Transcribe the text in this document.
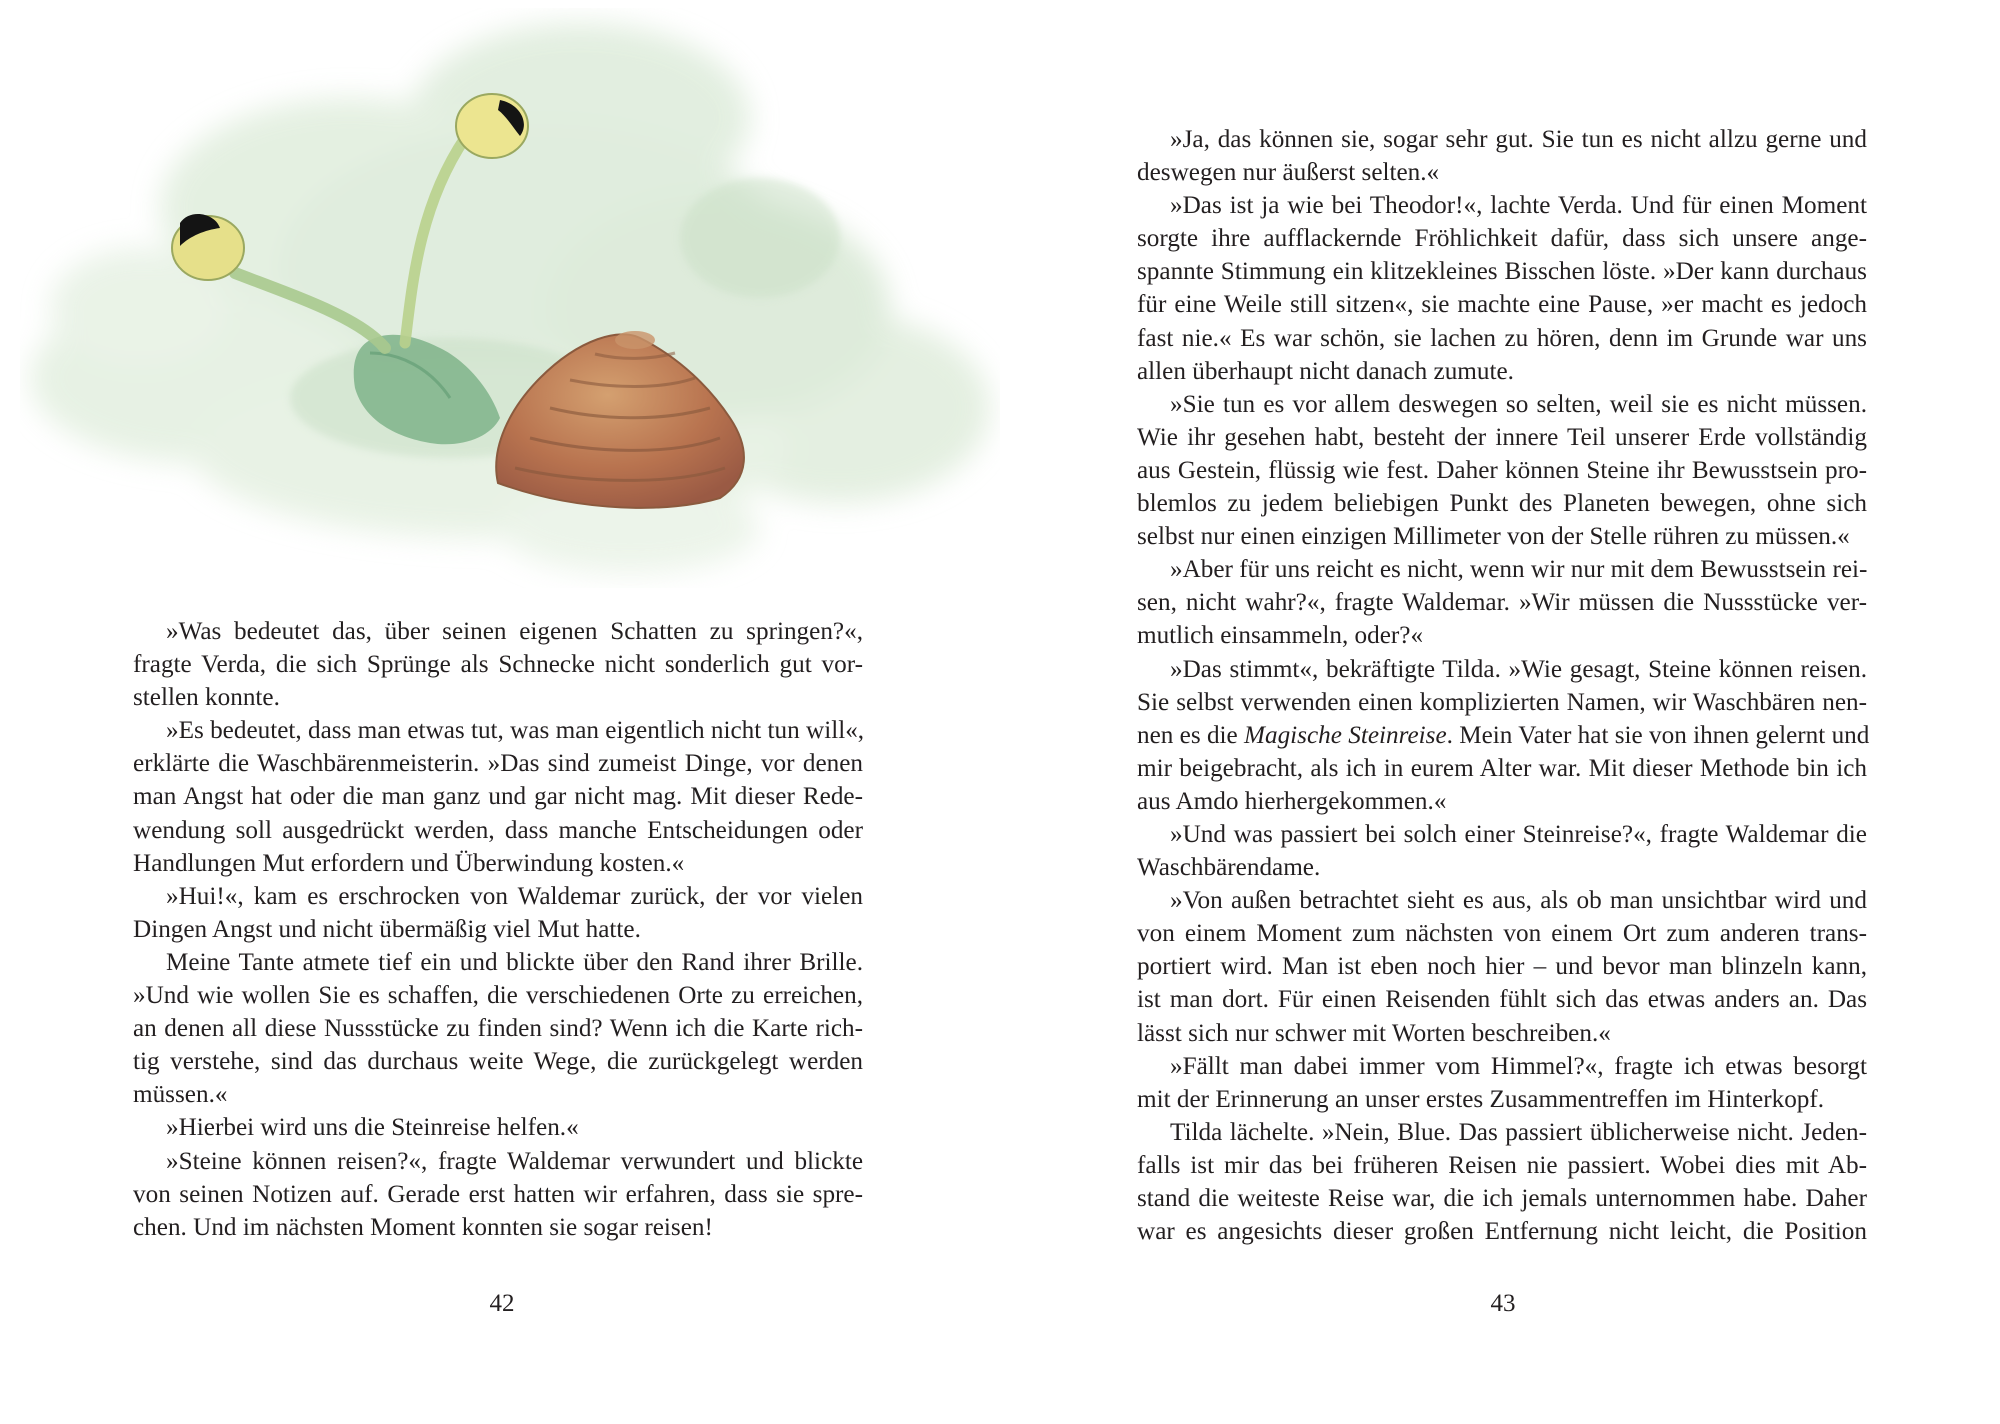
»Was bedeutet das, über seinen eigenen Schatten zu springen?«,
fragte Verda, die sich Sprünge als Schnecke nicht sonderlich gut vor-
stellen konnte.
»Es bedeutet, dass man etwas tut, was man eigentlich nicht tun will«,
erklärte die Waschbärenmeisterin. »Das sind zumeist Dinge, vor denen
man Angst hat oder die man ganz und gar nicht mag. Mit dieser Rede-
wendung soll ausgedrückt werden, dass manche Entscheidungen oder
Handlungen Mut erfordern und Überwindung kosten.«
»Hui!«, kam es erschrocken von Waldemar zurück, der vor vielen
Dingen Angst und nicht übermäßig viel Mut hatte.
Meine Tante atmete tief ein und blickte über den Rand ihrer Brille.
»Und wie wollen Sie es schaffen, die verschiedenen Orte zu erreichen,
an denen all diese Nussstücke zu finden sind? Wenn ich die Karte rich-
tig verstehe, sind das durchaus weite Wege, die zurückgelegt werden
müssen.«
»Hierbei wird uns die Steinreise helfen.«
»Steine können reisen?«, fragte Waldemar verwundert und blickte
von seinen Notizen auf. Gerade erst hatten wir erfahren, dass sie spre-
chen. Und im nächsten Moment konnten sie sogar reisen!
42
»Ja, das können sie, sogar sehr gut. Sie tun es nicht allzu gerne und
deswegen nur äußerst selten.«
»Das ist ja wie bei Theodor!«, lachte Verda. Und für einen Moment
sorgte ihre aufflackernde Fröhlichkeit dafür, dass sich unsere ange-
spannte Stimmung ein klitzekleines Bisschen löste. »Der kann durchaus
für eine Weile still sitzen«, sie machte eine Pause, »er macht es jedoch
fast nie.« Es war schön, sie lachen zu hören, denn im Grunde war uns
allen überhaupt nicht danach zumute.
»Sie tun es vor allem deswegen so selten, weil sie es nicht müssen.
Wie ihr gesehen habt, besteht der innere Teil unserer Erde vollständig
aus Gestein, flüssig wie fest. Daher können Steine ihr Bewusstsein pro-
blemlos zu jedem beliebigen Punkt des Planeten bewegen, ohne sich
selbst nur einen einzigen Millimeter von der Stelle rühren zu müssen.«
»Aber für uns reicht es nicht, wenn wir nur mit dem Bewusstsein rei-
sen, nicht wahr?«, fragte Waldemar. »Wir müssen die Nussstücke ver-
mutlich einsammeln, oder?«
»Das stimmt«, bekräftigte Tilda. »Wie gesagt, Steine können reisen.
Sie selbst verwenden einen komplizierten Namen, wir Waschbären nen-
nen es die Magische Steinreise. Mein Vater hat sie von ihnen gelernt und
mir beigebracht, als ich in eurem Alter war. Mit dieser Methode bin ich
aus Amdo hierhergekommen.«
»Und was passiert bei solch einer Steinreise?«, fragte Waldemar die
Waschbärendame.
»Von außen betrachtet sieht es aus, als ob man unsichtbar wird und
von einem Moment zum nächsten von einem Ort zum anderen trans-
portiert wird. Man ist eben noch hier – und bevor man blinzeln kann,
ist man dort. Für einen Reisenden fühlt sich das etwas anders an. Das
lässt sich nur schwer mit Worten beschreiben.«
»Fällt man dabei immer vom Himmel?«, fragte ich etwas besorgt
mit der Erinnerung an unser erstes Zusammentreffen im Hinterkopf.
Tilda lächelte. »Nein, Blue. Das passiert üblicherweise nicht. Jeden-
falls ist mir das bei früheren Reisen nie passiert. Wobei dies mit Ab-
stand die weiteste Reise war, die ich jemals unternommen habe. Daher
war es angesichts dieser großen Entfernung nicht leicht, die Position
43
